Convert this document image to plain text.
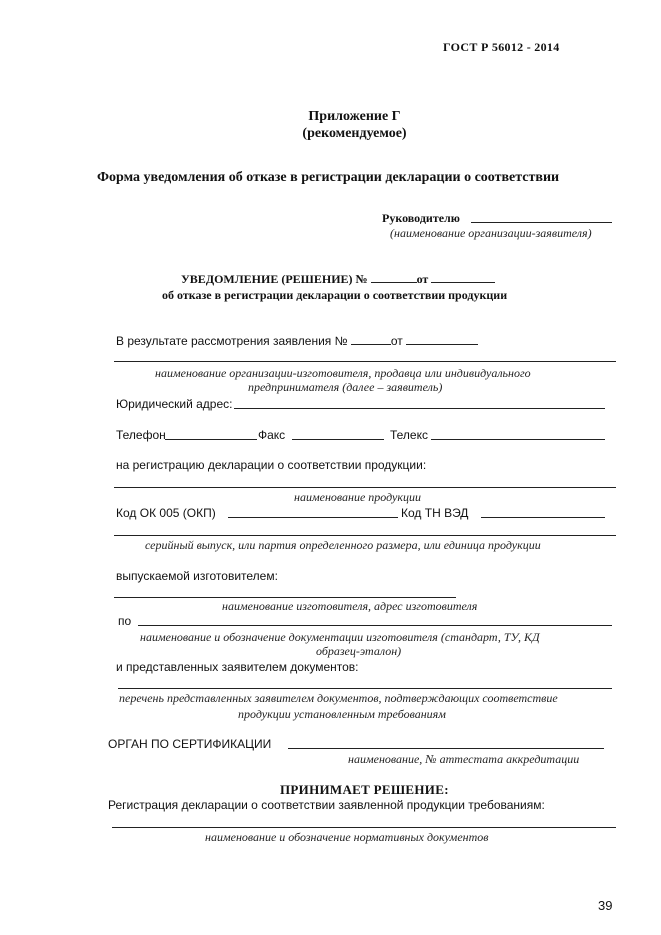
ГОСТ Р 56012 - 2014
Приложение Г
(рекомендуемое)
Форма уведомления об отказе в регистрации декларации о соответствии
Руководителю
(наименование организации-заявителя)
УВЕДОМЛЕНИЕ (РЕШЕНИЕ) №	от
об отказе в регистрации декларации о соответствии продукции
В результате рассмотрения заявления №	от
наименование организации-изготовителя, продавца или индивидуального
предпринимателя (далее – заявитель)
Юридический адрес:
Телефон	Факс	Телекс
на регистрацию декларации о соответствии продукции:
наименование продукции
Код ОК 005 (ОКП)	Код ТН ВЭД
серийный выпуск, или партия определенного размера, или единица продукции
выпускаемой изготовителем:
наименование изготовителя, адрес изготовителя
по
наименование и обозначение документации изготовителя (стандарт, ТУ, КД
образец-эталон)
и представленных заявителем документов:
перечень представленных заявителем документов, подтверждающих соответствие
продукции установленным требованиям
ОРГАН ПО СЕРТИФИКАЦИИ
наименование, № аттестата аккредитации
ПРИНИМАЕТ РЕШЕНИЕ:
Регистрация декларации о соответствии заявленной продукции требованиям:
наименование и обозначение нормативных документов
39
